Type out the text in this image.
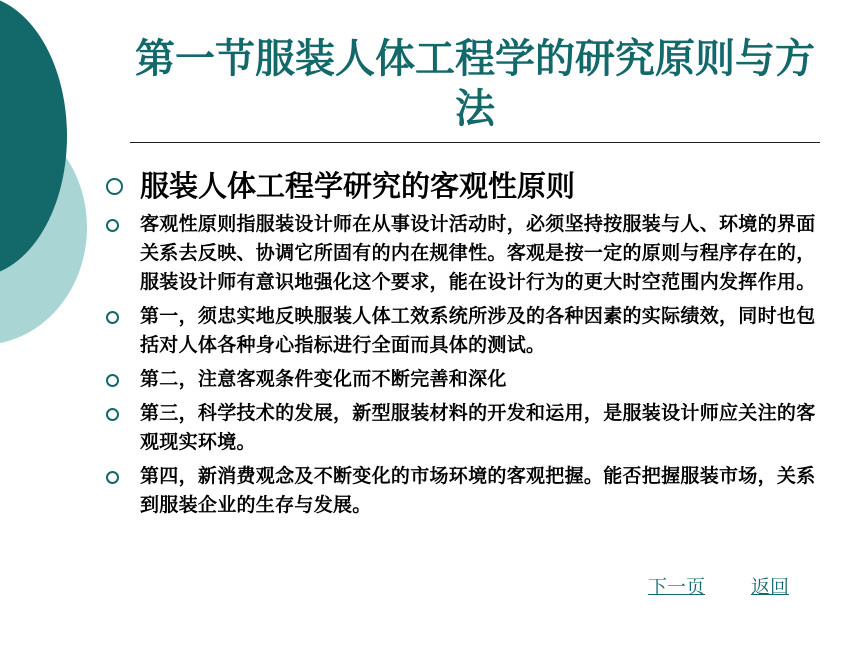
第一节服装人体工程学的研究原则与方法
服装人体工程学研究的客观性原则
客观性原则指服装设计师在从事设计活动时，必须坚持按服装与人、环境的界面关系去反映、协调它所固有的内在规律性。客观是按一定的原则与程序存在的，服装设计师有意识地强化这个要求，能在设计行为的更大时空范围内发挥作用。
第一，须忠实地反映服装人体工效系统所涉及的各种因素的实际绩效，同时也包括对人体各种身心指标进行全面而具体的测试。
第二，注意客观条件变化而不断完善和深化
第三，科学技术的发展，新型服装材料的开发和运用，是服装设计师应关注的客观现实环境。
第四，新消费观念及不断变化的市场环境的客观把握。能否把握服装市场，关系到服装企业的生存与发展。
下一页 返回
